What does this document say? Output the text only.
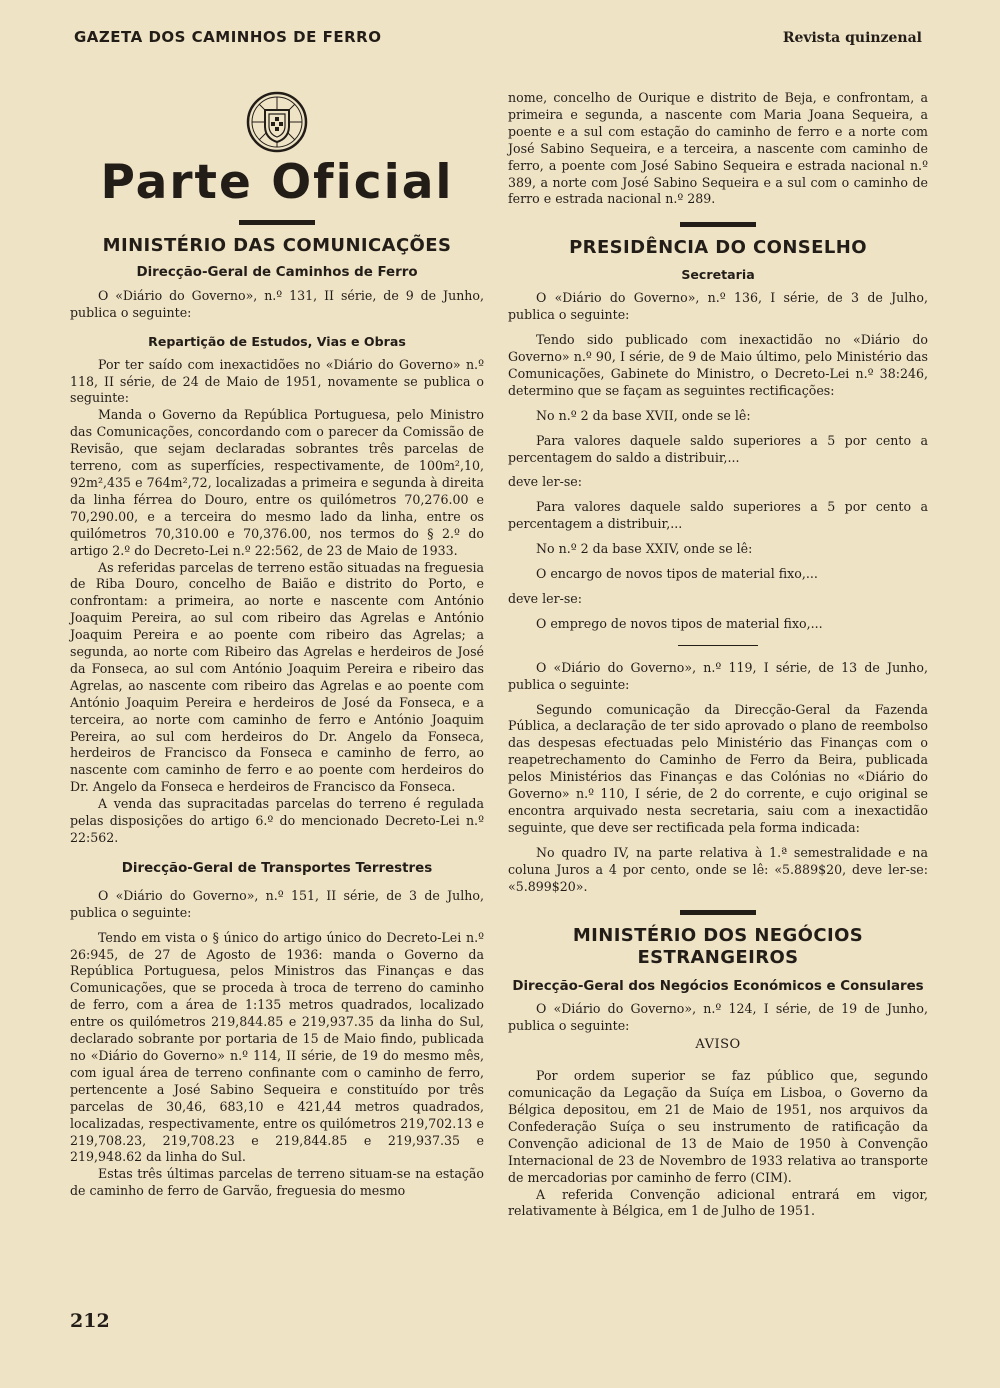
GAZETA DOS CAMINHOS DE FERRO	Revista quinzenal
Parte Oficial
MINISTÉRIO DAS COMUNICAÇÕES
Direcção-Geral de Caminhos de Ferro

O «Diário do Governo», n.º 131, II série, de 9 de Junho, publica o seguinte:

Repartição de Estudos, Vias e Obras

Por ter saído com inexactidões no «Diário do Governo» n.º 118, II série, de 24 de Maio de 1951, novamente se publica o seguinte:

Manda o Governo da República Portuguesa, pelo Ministro das Comunicações, concordando com o parecer da Comissão de Revisão, que sejam declaradas sobrantes três parcelas de terreno, com as superfícies, respectivamente, de 100m²,10, 92m²,435 e 764m²,72, localizadas a primeira e segunda à direita da linha férrea do Douro, entre os quilómetros 70,276.00 e 70,290.00, e a terceira do mesmo lado da linha, entre os quilómetros 70,310.00 e 70,376.00, nos termos do § 2.º do artigo 2.º do Decreto-Lei n.º 22:562, de 23 de Maio de 1933.

As referidas parcelas de terreno estão situadas na freguesia de Riba Douro, concelho de Baião e distrito do Porto, e confrontam: a primeira, ao norte e nascente com António Joaquim Pereira, ao sul com ribeiro das Agrelas e António Joaquim Pereira e ao poente com ribeiro das Agrelas; a segunda, ao norte com Ribeiro das Agrelas e herdeiros de José da Fonseca, ao sul com António Joaquim Pereira e ribeiro das Agrelas, ao nascente com ribeiro das Agrelas e ao poente com António Joaquim Pereira e herdeiros de José da Fonseca, e a terceira, ao norte com caminho de ferro e António Joaquim Pereira, ao sul com herdeiros do Dr. Angelo da Fonseca, herdeiros de Francisco da Fonseca e caminho de ferro, ao nascente com caminho de ferro e ao poente com herdeiros do Dr. Angelo da Fonseca e herdeiros de Francisco da Fonseca.

A venda das supracitadas parcelas do terreno é regulada pelas disposições do artigo 6.º do mencionado Decreto-Lei n.º 22:562.

Direcção-Geral de Transportes Terrestres

O «Diário do Governo», n.º 151, II série, de 3 de Julho, publica o seguinte:

Tendo em vista o § único do artigo único do Decreto-Lei n.º 26:945, de 27 de Agosto de 1936: manda o Governo da República Portuguesa, pelos Ministros das Finanças e das Comunicações, que se proceda à troca de terreno do caminho de ferro, com a área de 1:135 metros quadrados, localizado entre os quilómetros 219,844.85 e 219,937.35 da linha do Sul, declarado sobrante por portaria de 15 de Maio findo, publicada no «Diário do Governo» n.º 114, II série, de 19 do mesmo mês, com igual área de terreno confinante com o caminho de ferro, pertencente a José Sabino Sequeira e constituído por três parcelas de 30,46, 683,10 e 421,44 metros quadrados, localizadas, respectivamente, entre os quilómetros 219,702.13 e 219,708.23, 219,708.23 e 219,844.85 e 219,937.35 e 219,948.62 da linha do Sul.

Estas três últimas parcelas de terreno situam-se na estação de caminho de ferro de Garvão, freguesia do mesmo

nome, concelho de Ourique e distrito de Beja, e confrontam, a primeira e segunda, a nascente com Maria Joana Sequeira, a poente e a sul com estação do caminho de ferro e a norte com José Sabino Sequeira, e a terceira, a nascente com caminho de ferro, a poente com José Sabino Sequeira e estrada nacional n.º 389, a norte com José Sabino Sequeira e a sul com o caminho de ferro e estrada nacional n.º 289.

PRESIDÊNCIA DO CONSELHO
Secretaria

O «Diário do Governo», n.º 136, I série, de 3 de Julho, publica o seguinte:

Tendo sido publicado com inexactidão no «Diário do Governo» n.º 90, I série, de 9 de Maio último, pelo Ministério das Comunicações, Gabinete do Ministro, o Decreto-Lei n.º 38:246, determino que se façam as seguintes rectificações:

No n.º 2 da base XVII, onde se lê:

Para valores daquele saldo superiores a 5 por cento a percentagem do saldo a distribuir,...

deve ler-se:

Para valores daquele saldo superiores a 5 por cento a percentagem a distribuir,...

No n.º 2 da base XXIV, onde se lê:

O encargo de novos tipos de material fixo,...

deve ler-se:

O emprego de novos tipos de material fixo,...

O «Diário do Governo», n.º 119, I série, de 13 de Junho, publica o seguinte:

Segundo comunicação da Direcção-Geral da Fazenda Pública, a declaração de ter sido aprovado o plano de reembolso das despesas efectuadas pelo Ministério das Finanças com o reapetrechamento do Caminho de Ferro da Beira, publicada pelos Ministérios das Finanças e das Colónias no «Diário do Governo» n.º 110, I série, de 2 do corrente, e cujo original se encontra arquivado nesta secretaria, saiu com a inexactidão seguinte, que deve ser rectificada pela forma indicada:

No quadro IV, na parte relativa à 1.ª semestralidade e na coluna Juros a 4 por cento, onde se lê: «5.889$20, deve ler-se: «5.899$20».

MINISTÉRIO DOS NEGÓCIOS
ESTRANGEIROS
Direcção-Geral dos Negócios Económicos e Consulares

O «Diário do Governo», n.º 124, I série, de 19 de Junho, publica o seguinte:

AVISO

Por ordem superior se faz público que, segundo comunicação da Legação da Suíça em Lisboa, o Governo da Bélgica depositou, em 21 de Maio de 1951, nos arquivos da Confederação Suíça o seu instrumento de ratificação da Convenção adicional de 13 de Maio de 1950 à Convenção Internacional de 23 de Novembro de 1933 relativa ao transporte de mercadorias por caminho de ferro (CIM).

A referida Convenção adicional entrará em vigor, relativamente à Bélgica, em 1 de Julho de 1951.

212
